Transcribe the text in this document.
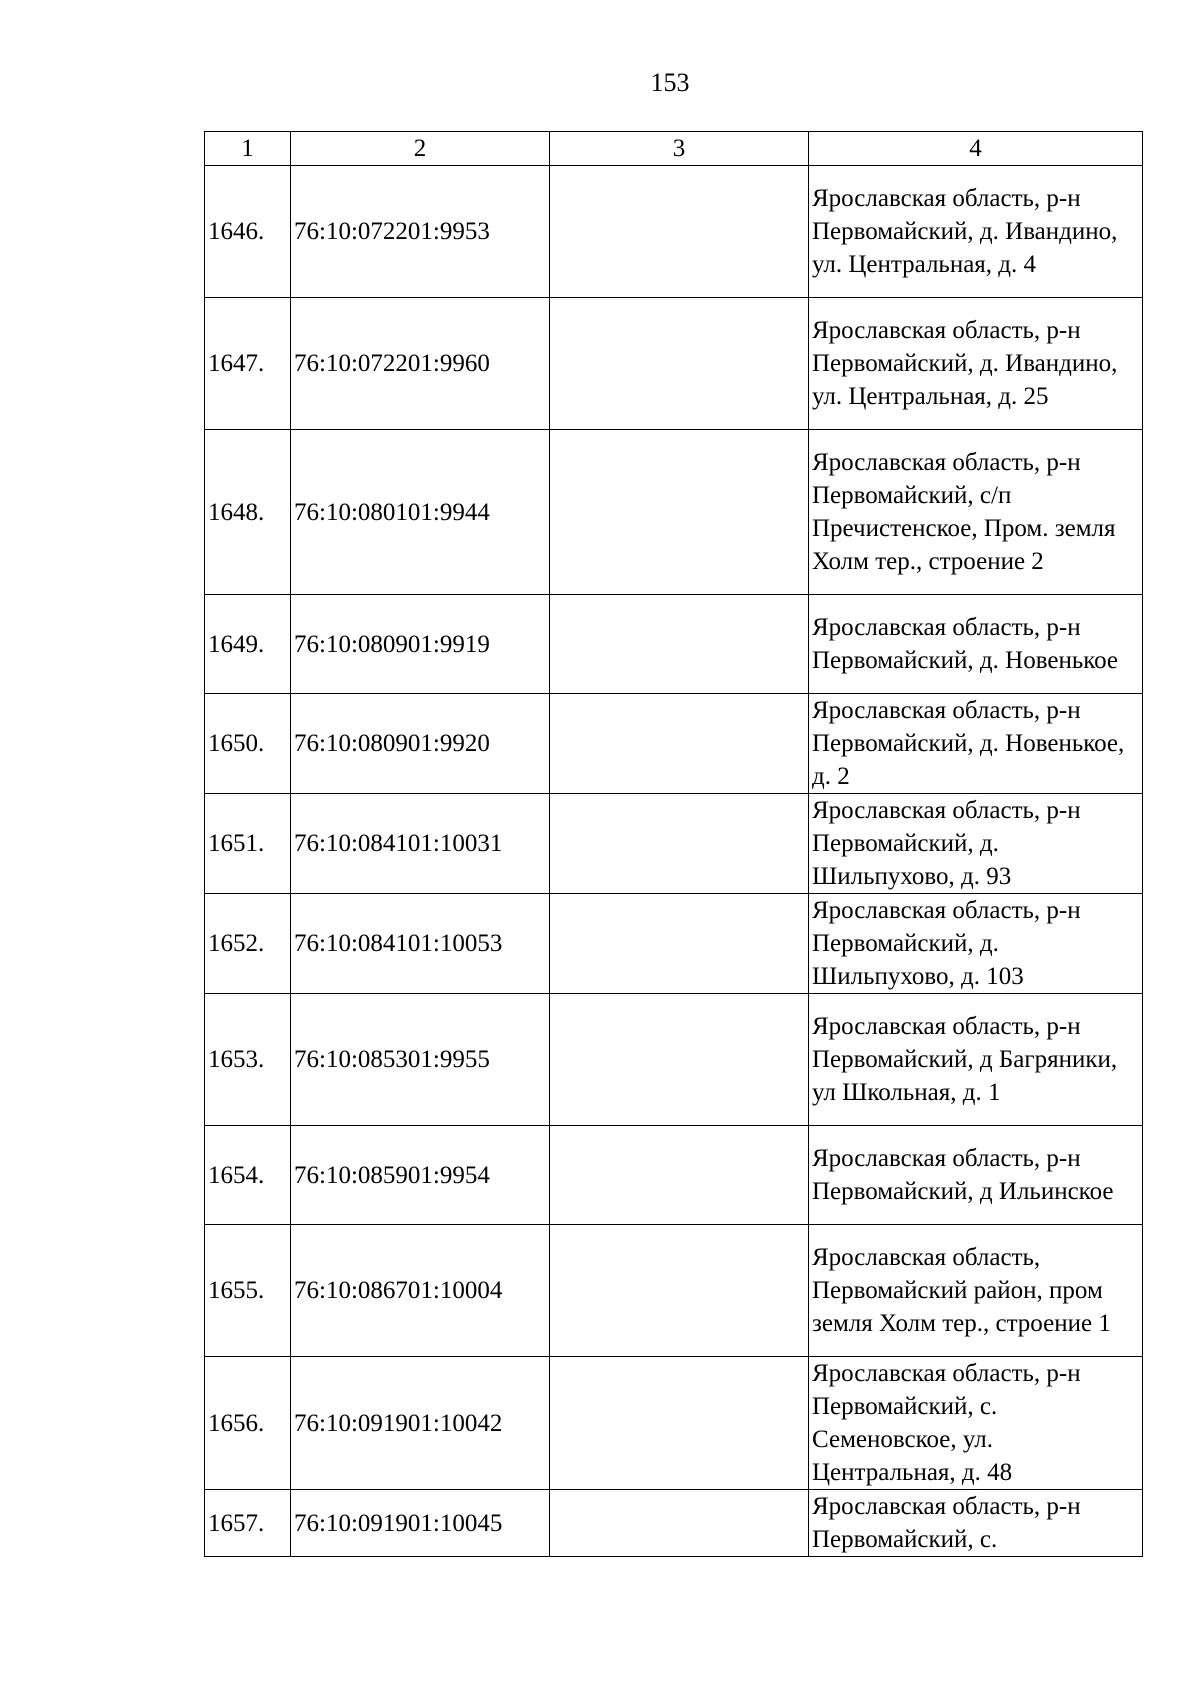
153
1	2	3	4
1646.	76:10:072201:9953		Ярославская область, р-н Первомайский, д. Ивандино, ул. Центральная, д. 4
1647.	76:10:072201:9960		Ярославская область, р-н Первомайский, д. Ивандино, ул. Центральная, д. 25
1648.	76:10:080101:9944		Ярославская область, р-н Первомайский, с/п Пречистенское, Пром. земля Холм тер., строение 2
1649.	76:10:080901:9919		Ярославская область, р-н Первомайский, д. Новенькое
1650.	76:10:080901:9920		Ярославская область, р-н Первомайский, д. Новенькое, д. 2
1651.	76:10:084101:10031		Ярославская область, р-н Первомайский, д. Шильпухово, д. 93
1652.	76:10:084101:10053		Ярославская область, р-н Первомайский, д. Шильпухово, д. 103
1653.	76:10:085301:9955		Ярославская область, р-н Первомайский, д Багряники, ул Школьная, д. 1
1654.	76:10:085901:9954		Ярославская область, р-н Первомайский, д Ильинское
1655.	76:10:086701:10004		Ярославская область, Первомайский район, пром земля Холм тер., строение 1
1656.	76:10:091901:10042		Ярославская область, р-н Первомайский, с. Семеновское, ул. Центральная, д. 48
1657.	76:10:091901:10045		Ярославская область, р-н Первомайский, с.
